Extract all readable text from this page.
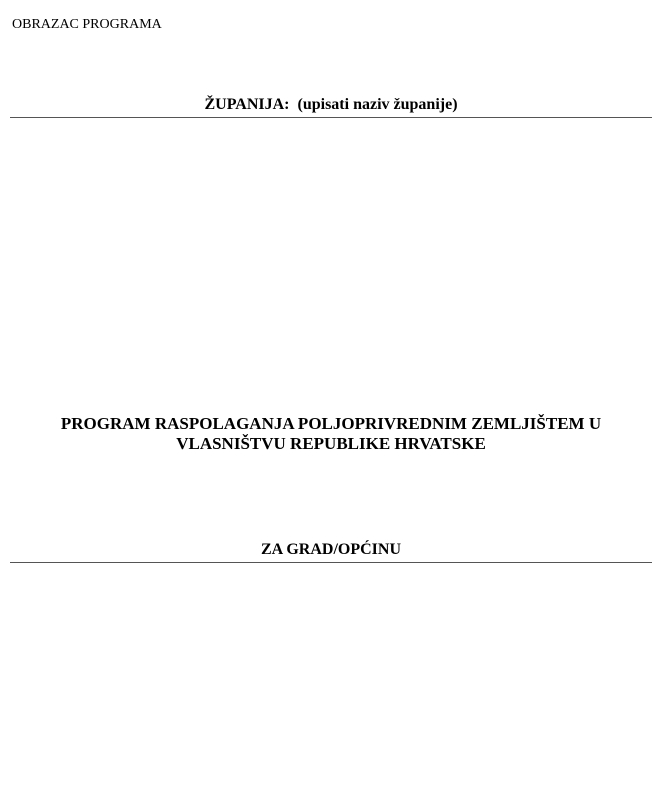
OBRAZAC PROGRAMA
ŽUPANIJA: (upisati naziv županije)
PROGRAM RASPOLAGANJA POLJOPRIVREDNIM ZEMLJIŠTEM U
VLASNIŠTVU REPUBLIKE HRVATSKE
ZA GRAD/OPĆINU
